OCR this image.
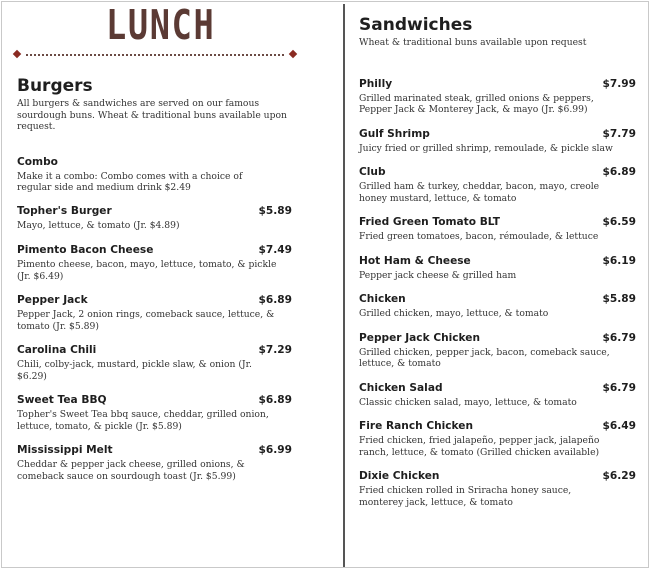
LUNCH
Burgers
All burgers & sandwiches are served on our famous sourdough buns. Wheat & traditional buns available upon request.
Combo
Make it a combo: Combo comes with a choice of regular side and medium drink $2.49
Topher's Burger	$5.89
Mayo, lettuce, & tomato (Jr. $4.89)
Pimento Bacon Cheese	$7.49
Pimento cheese, bacon, mayo, lettuce, tomato, & pickle (Jr. $6.49)
Pepper Jack	$6.89
Pepper Jack, 2 onion rings, comeback sauce, lettuce, & tomato (Jr. $5.89)
Carolina Chili	$7.29
Chili, colby-jack, mustard, pickle slaw, & onion (Jr. $6.29)
Sweet Tea BBQ	$6.89
Topher's Sweet Tea bbq sauce, cheddar, grilled onion, lettuce, tomato, & pickle (Jr. $5.89)
Mississippi Melt	$6.99
Cheddar & pepper jack cheese, grilled onions, & comeback sauce on sourdough toast (Jr. $5.99)
Sandwiches
Wheat & traditional buns available upon request
Philly	$7.99
Grilled marinated steak, grilled onions & peppers, Pepper Jack & Monterey Jack, & mayo (Jr. $6.99)
Gulf Shrimp	$7.79
Juicy fried or grilled shrimp, remoulade, & pickle slaw
Club	$6.89
Grilled ham & turkey, cheddar, bacon, mayo, creole honey mustard, lettuce, & tomato
Fried Green Tomato BLT	$6.59
Fried green tomatoes, bacon, rémoulade, & lettuce
Hot Ham & Cheese	$6.19
Pepper jack cheese & grilled ham
Chicken	$5.89
Grilled chicken, mayo, lettuce, & tomato
Pepper Jack Chicken	$6.79
Grilled chicken, pepper jack, bacon, comeback sauce, lettuce, & tomato
Chicken Salad	$6.79
Classic chicken salad, mayo, lettuce, & tomato
Fire Ranch Chicken	$6.49
Fried chicken, fried jalapeño, pepper jack, jalapeño ranch, lettuce, & tomato (Grilled chicken available)
Dixie Chicken	$6.29
Fried chicken rolled in Sriracha honey sauce, monterey jack, lettuce, & tomato
